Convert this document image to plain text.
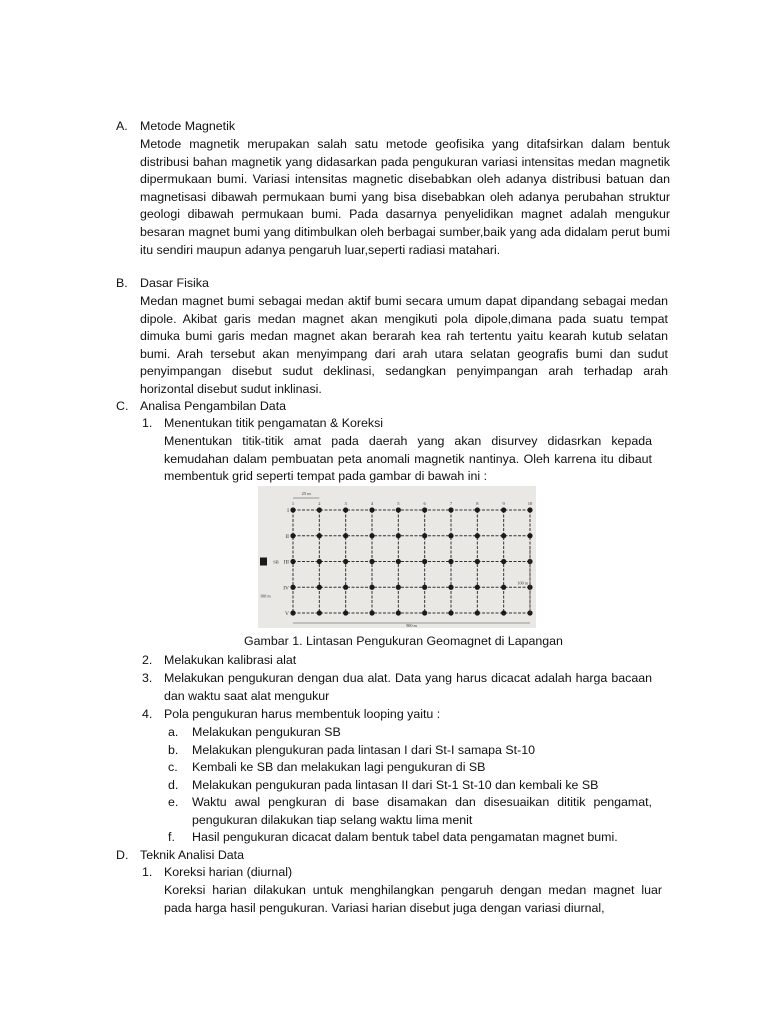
A. Metode Magnetik
Metode magnetik merupakan salah satu metode geofisika yang ditafsirkan dalam bentuk distribusi bahan magnetik yang didasarkan pada pengukuran variasi intensitas medan magnetik dipermukaan bumi. Variasi intensitas magnetic disebabkan oleh adanya distribusi batuan dan magnetisasi dibawah permukaan bumi yang bisa disebabkan oleh adanya perubahan struktur geologi dibawah permukaan bumi. Pada dasarnya penyelidikan magnet adalah mengukur besaran magnet bumi yang ditimbulkan oleh berbagai sumber,baik yang ada didalam perut bumi itu sendiri maupun adanya pengaruh luar,seperti radiasi matahari.
B. Dasar Fisika
Medan magnet bumi sebagai medan aktif bumi secara umum dapat dipandang sebagai medan dipole. Akibat garis medan magnet akan mengikuti pola dipole,dimana pada suatu tempat dimuka bumi garis medan magnet akan berarah kea rah tertentu yaitu kearah kutub selatan bumi. Arah tersebut akan menyimpang dari arah utara selatan geografis bumi dan sudut penyimpangan disebut sudut deklinasi, sedangkan penyimpangan arah terhadap arah horizontal disebut sudut inklinasi.
C. Analisa Pengambilan Data
1. Menentukan titik pengamatan & Koreksi
Menentukan titik-titik amat pada daerah yang akan disurvey didasrkan kepada kemudahan dalam pembuatan peta anomali magnetik nantinya. Oleh karrena itu dibaut membentuk grid seperti tempat pada gambar di bawah ini :
I
II
III
IV
V
1	2	3	4	5	6	7	8	9	10
25 m
100 m
100 m
900 m
SB
Gambar 1. Lintasan Pengukuran Geomagnet di Lapangan
2. Melakukan kalibrasi alat
3. Melakukan pengukuran dengan dua alat. Data yang harus dicacat adalah harga bacaan dan waktu saat alat mengukur
4. Pola pengukuran harus membentuk looping yaitu :
a. Melakukan pengukuran SB
b. Melakukan plengukuran pada lintasan I dari St-I samapa St-10
c. Kembali ke SB dan melakukan lagi pengukuran di SB
d. Melakukan pengukuran pada lintasan II dari St-1 St-10 dan kembali ke SB
e. Waktu awal pengkuran di base disamakan dan disesuaikan dititik pengamat, pengukuran dilakukan tiap selang waktu lima menit
f. Hasil pengukuran dicacat dalam bentuk tabel data pengamatan magnet bumi.
D. Teknik Analisi Data
1. Koreksi harian (diurnal)
Koreksi harian dilakukan untuk menghilangkan pengaruh dengan medan magnet luar pada harga hasil pengukuran. Variasi harian disebut juga dengan variasi diurnal,
